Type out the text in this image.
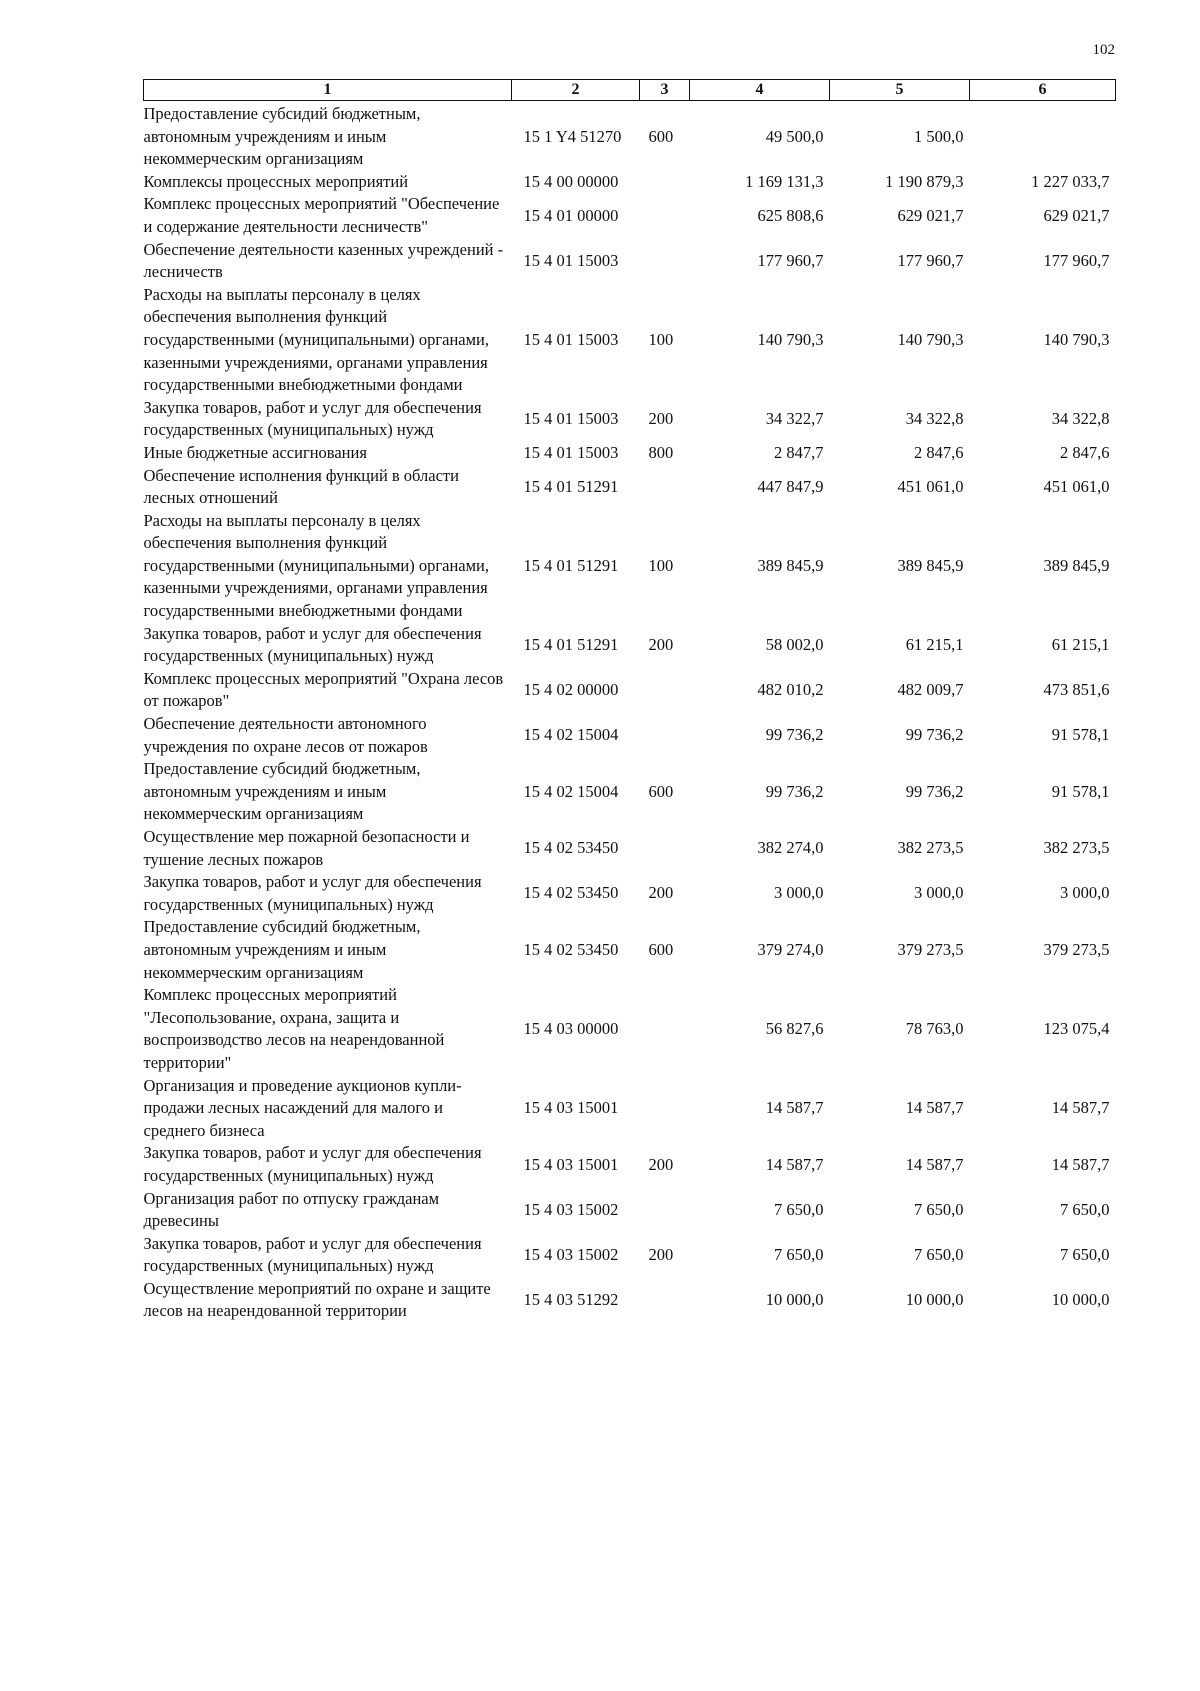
102
1	2	3	4	5	6
Предоставление субсидий бюджетным, автономным учреждениям и иным некоммерческим организациям	15 1 Y4 51270	600	49 500,0	1 500,0	
Комплексы процессных мероприятий	15 4 00 00000		1 169 131,3	1 190 879,3	1 227 033,7
Комплекс процессных мероприятий "Обеспечение и содержание деятельности лесничеств"	15 4 01 00000		625 808,6	629 021,7	629 021,7
Обеспечение деятельности казенных учреждений - лесничеств	15 4 01 15003		177 960,7	177 960,7	177 960,7
Расходы на выплаты персоналу в целях обеспечения выполнения функций государственными (муниципальными) органами, казенными учреждениями, органами управления государственными внебюджетными фондами	15 4 01 15003	100	140 790,3	140 790,3	140 790,3
Закупка товаров, работ и услуг для обеспечения государственных (муниципальных) нужд	15 4 01 15003	200	34 322,7	34 322,8	34 322,8
Иные бюджетные ассигнования	15 4 01 15003	800	2 847,7	2 847,6	2 847,6
Обеспечение исполнения функций в области лесных отношений	15 4 01 51291		447 847,9	451 061,0	451 061,0
Расходы на выплаты персоналу в целях обеспечения выполнения функций государственными (муниципальными) органами, казенными учреждениями, органами управления государственными внебюджетными фондами	15 4 01 51291	100	389 845,9	389 845,9	389 845,9
Закупка товаров, работ и услуг для обеспечения государственных (муниципальных) нужд	15 4 01 51291	200	58 002,0	61 215,1	61 215,1
Комплекс процессных мероприятий "Охрана лесов от пожаров"	15 4 02 00000		482 010,2	482 009,7	473 851,6
Обеспечение деятельности автономного учреждения по охране лесов от пожаров	15 4 02 15004		99 736,2	99 736,2	91 578,1
Предоставление субсидий бюджетным, автономным учреждениям и иным некоммерческим организациям	15 4 02 15004	600	99 736,2	99 736,2	91 578,1
Осуществление мер пожарной безопасности и тушение лесных пожаров	15 4 02 53450		382 274,0	382 273,5	382 273,5
Закупка товаров, работ и услуг для обеспечения государственных (муниципальных) нужд	15 4 02 53450	200	3 000,0	3 000,0	3 000,0
Предоставление субсидий бюджетным, автономным учреждениям и иным некоммерческим организациям	15 4 02 53450	600	379 274,0	379 273,5	379 273,5
Комплекс процессных мероприятий "Лесопользование, охрана, защита и воспроизводство лесов на неарендованной территории"	15 4 03 00000		56 827,6	78 763,0	123 075,4
Организация и проведение аукционов купли-продажи лесных насаждений для малого и среднего бизнеса	15 4 03 15001		14 587,7	14 587,7	14 587,7
Закупка товаров, работ и услуг для обеспечения государственных (муниципальных) нужд	15 4 03 15001	200	14 587,7	14 587,7	14 587,7
Организация работ по отпуску гражданам древесины	15 4 03 15002		7 650,0	7 650,0	7 650,0
Закупка товаров, работ и услуг для обеспечения государственных (муниципальных) нужд	15 4 03 15002	200	7 650,0	7 650,0	7 650,0
Осуществление мероприятий по охране и защите лесов на неарендованной территории	15 4 03 51292		10 000,0	10 000,0	10 000,0
